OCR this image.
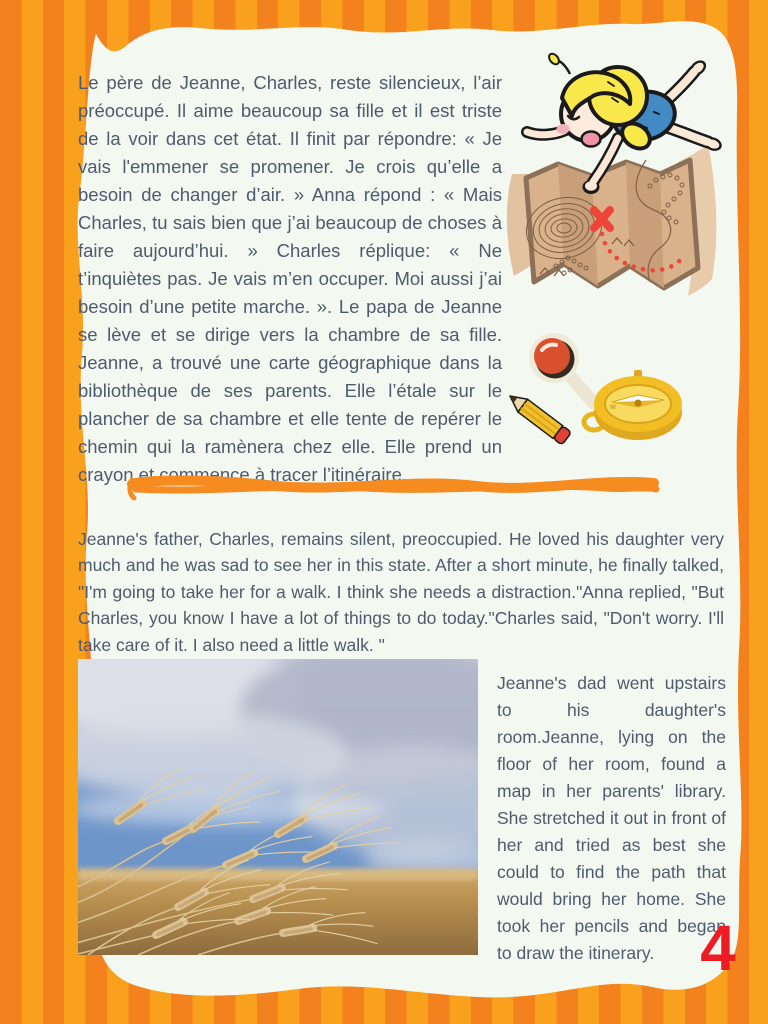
Le père de Jeanne, Charles, reste silencieux, l’air préoccupé. Il aime beaucoup sa fille et il est triste de la voir dans cet état. Il finit par répondre: « Je vais l'emmener se promener. Je crois qu’elle a besoin de changer d’air. » Anna répond : « Mais Charles, tu sais bien que j’ai beaucoup de choses à faire aujourd’hui. » Charles réplique: « Ne t’inquiètes pas. Je vais m’en occuper. Moi aussi j’ai besoin d’une petite marche. ». Le papa de Jeanne se lève et se dirige vers la chambre de sa fille. Jeanne, a trouvé une carte géographique dans la bibliothèque de ses parents. Elle l’étale sur le plancher de sa chambre et elle tente de repérer le chemin qui la ramènera chez elle. Elle prend un crayon et commence à tracer l’itinéraire.

w

Jeanne's father, Charles, remains silent, preoccupied. He loved his daughter very much and he was sad to see her in this state. After a short minute, he finally talked, "I'm going to take her for a walk. I think she needs a distraction."Anna replied, "But Charles, you know I have a lot of things to do today."Charles said, "Don't worry. I'll take care of it. I also need a little walk. "

Jeanne's dad went upstairs to his daughter's room.Jeanne, lying on the floor of her room, found a map in her parents' library. She stretched it out in front of her and tried as best she could to find the path that would bring her home. She took her pencils and began to draw the itinerary. 4
